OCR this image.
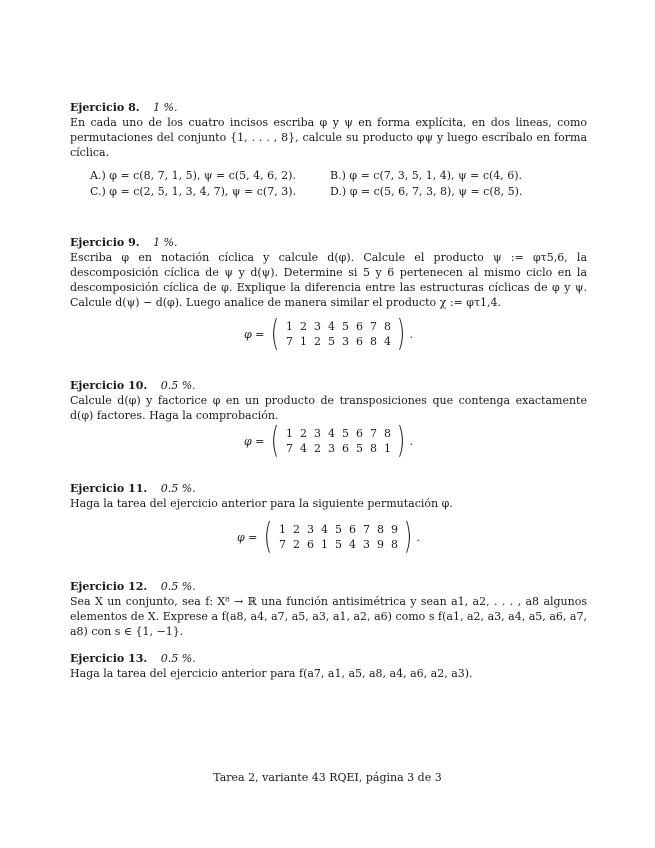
Ejercicio 8. 1 %.

En cada uno de los cuatro incisos escriba φ y ψ en forma explícita, en dos lineas, como permutaciones del conjunto {1, . . . , 8}, calcule su producto φψ y luego escríbalo en forma cíclica.

A.) φ = c(8, 7, 1, 5), ψ = c(5, 4, 6, 2).	B.) φ = c(7, 3, 5, 1, 4), ψ = c(4, 6).
C.) φ = c(2, 5, 1, 3, 4, 7), ψ = c(7, 3).	D.) φ = c(5, 6, 7, 3, 8), ψ = c(8, 5).
Ejercicio 9. 1 %.

Escriba φ en notación cíclica y calcule d(φ). Calcule el producto ψ := φτ5,6, la descomposición cíclica de ψ y d(ψ). Determine si 5 y 6 pertenecen al mismo ciclo en la descomposición cíclica de φ. Explique la diferencia entre las estructuras cíclicas de φ y ψ. Calcule d(ψ) − d(φ). Luego analice de manera similar el producto χ := φτ1,4.

φ = ( 1 2 3 4 5 6 7 8
7 1 2 5 3 6 8 4 ) .
Ejercicio 10. 0.5 %.

Calcule d(φ) y factorice φ en un producto de transposiciones que contenga exactamente d(φ) factores. Haga la comprobación.

φ = ( 1 2 3 4 5 6 7 8
7 4 2 3 6 5 8 1 ) .
Ejercicio 11. 0.5 %.

Haga la tarea del ejercicio anterior para la siguiente permutación φ.

φ = ( 1 2 3 4 5 6 7 8 9
7 2 6 1 5 4 3 9 8 ) .
Ejercicio 12. 0.5 %.

Sea X un conjunto, sea f: X⁸ → ℝ una función antisimétrica y sean a1, a2, . . . , a8 algunos elementos de X. Exprese a f(a8, a4, a7, a5, a3, a1, a2, a6) como s f(a1, a2, a3, a4, a5, a6, a7, a8) con s ∈ {1, −1}.

Ejercicio 13. 0.5 %.

Haga la tarea del ejercicio anterior para f(a7, a1, a5, a8, a4, a6, a2, a3).

Tarea 2, variante 43 RQEI, página 3 de 3
